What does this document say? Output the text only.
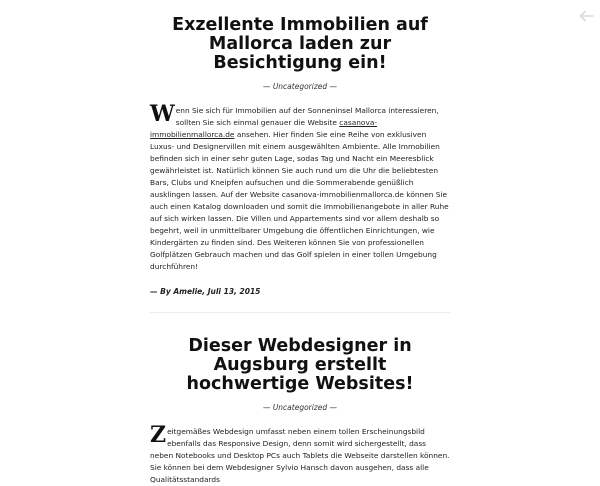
Exzellente Immobilien auf Mallorca laden zur Besichtigung ein!
— Uncategorized —

Wenn Sie sich für Immobilien auf der Sonneninsel Mallorca interessieren, sollten Sie sich einmal genauer die Website casanova-immobilienmallorca.de ansehen. Hier finden Sie eine Reihe von exklusiven Luxus- und Designervillen mit einem ausgewählten Ambiente. Alle Immobilien befinden sich in einer sehr guten Lage, sodas Tag und Nacht ein Meeresblick gewährleistet ist. Natürlich können Sie auch rund um die Uhr die beliebtesten Bars, Clubs und Kneipfen aufsuchen und die Sommerabende genüßlich ausklingen lassen. Auf der Website casanova-immobilienmallorca.de können Sie auch einen Katalog downloaden und somit die Immobilienangebote in aller Ruhe auf sich wirken lassen. Die Villen und Appartements sind vor allem deshalb so begehrt, weil in unmittelbarer Umgebung die öffentlichen Einrichtungen, wie Kindergärten zu finden sind. Des Weiteren können Sie von professionellen Golfplätzen Gebrauch machen und das Golf spielen in einer tollen Umgebung durchführen!

— By Amelie, Juli 13, 2015
Dieser Webdesigner in Augsburg erstellt hochwertige Websites!
— Uncategorized —

Zeitgemäßes Webdesign umfasst neben einem tollen Erscheinungsbild ebenfalls das Responsive Design, denn somit wird sichergestellt, dass neben Notebooks und Desktop PCs auch Tablets die Webseite darstellen können. Sie können bei dem Webdesigner Sylvio Hansch davon ausgehen, dass alle Qualitätsstandards
